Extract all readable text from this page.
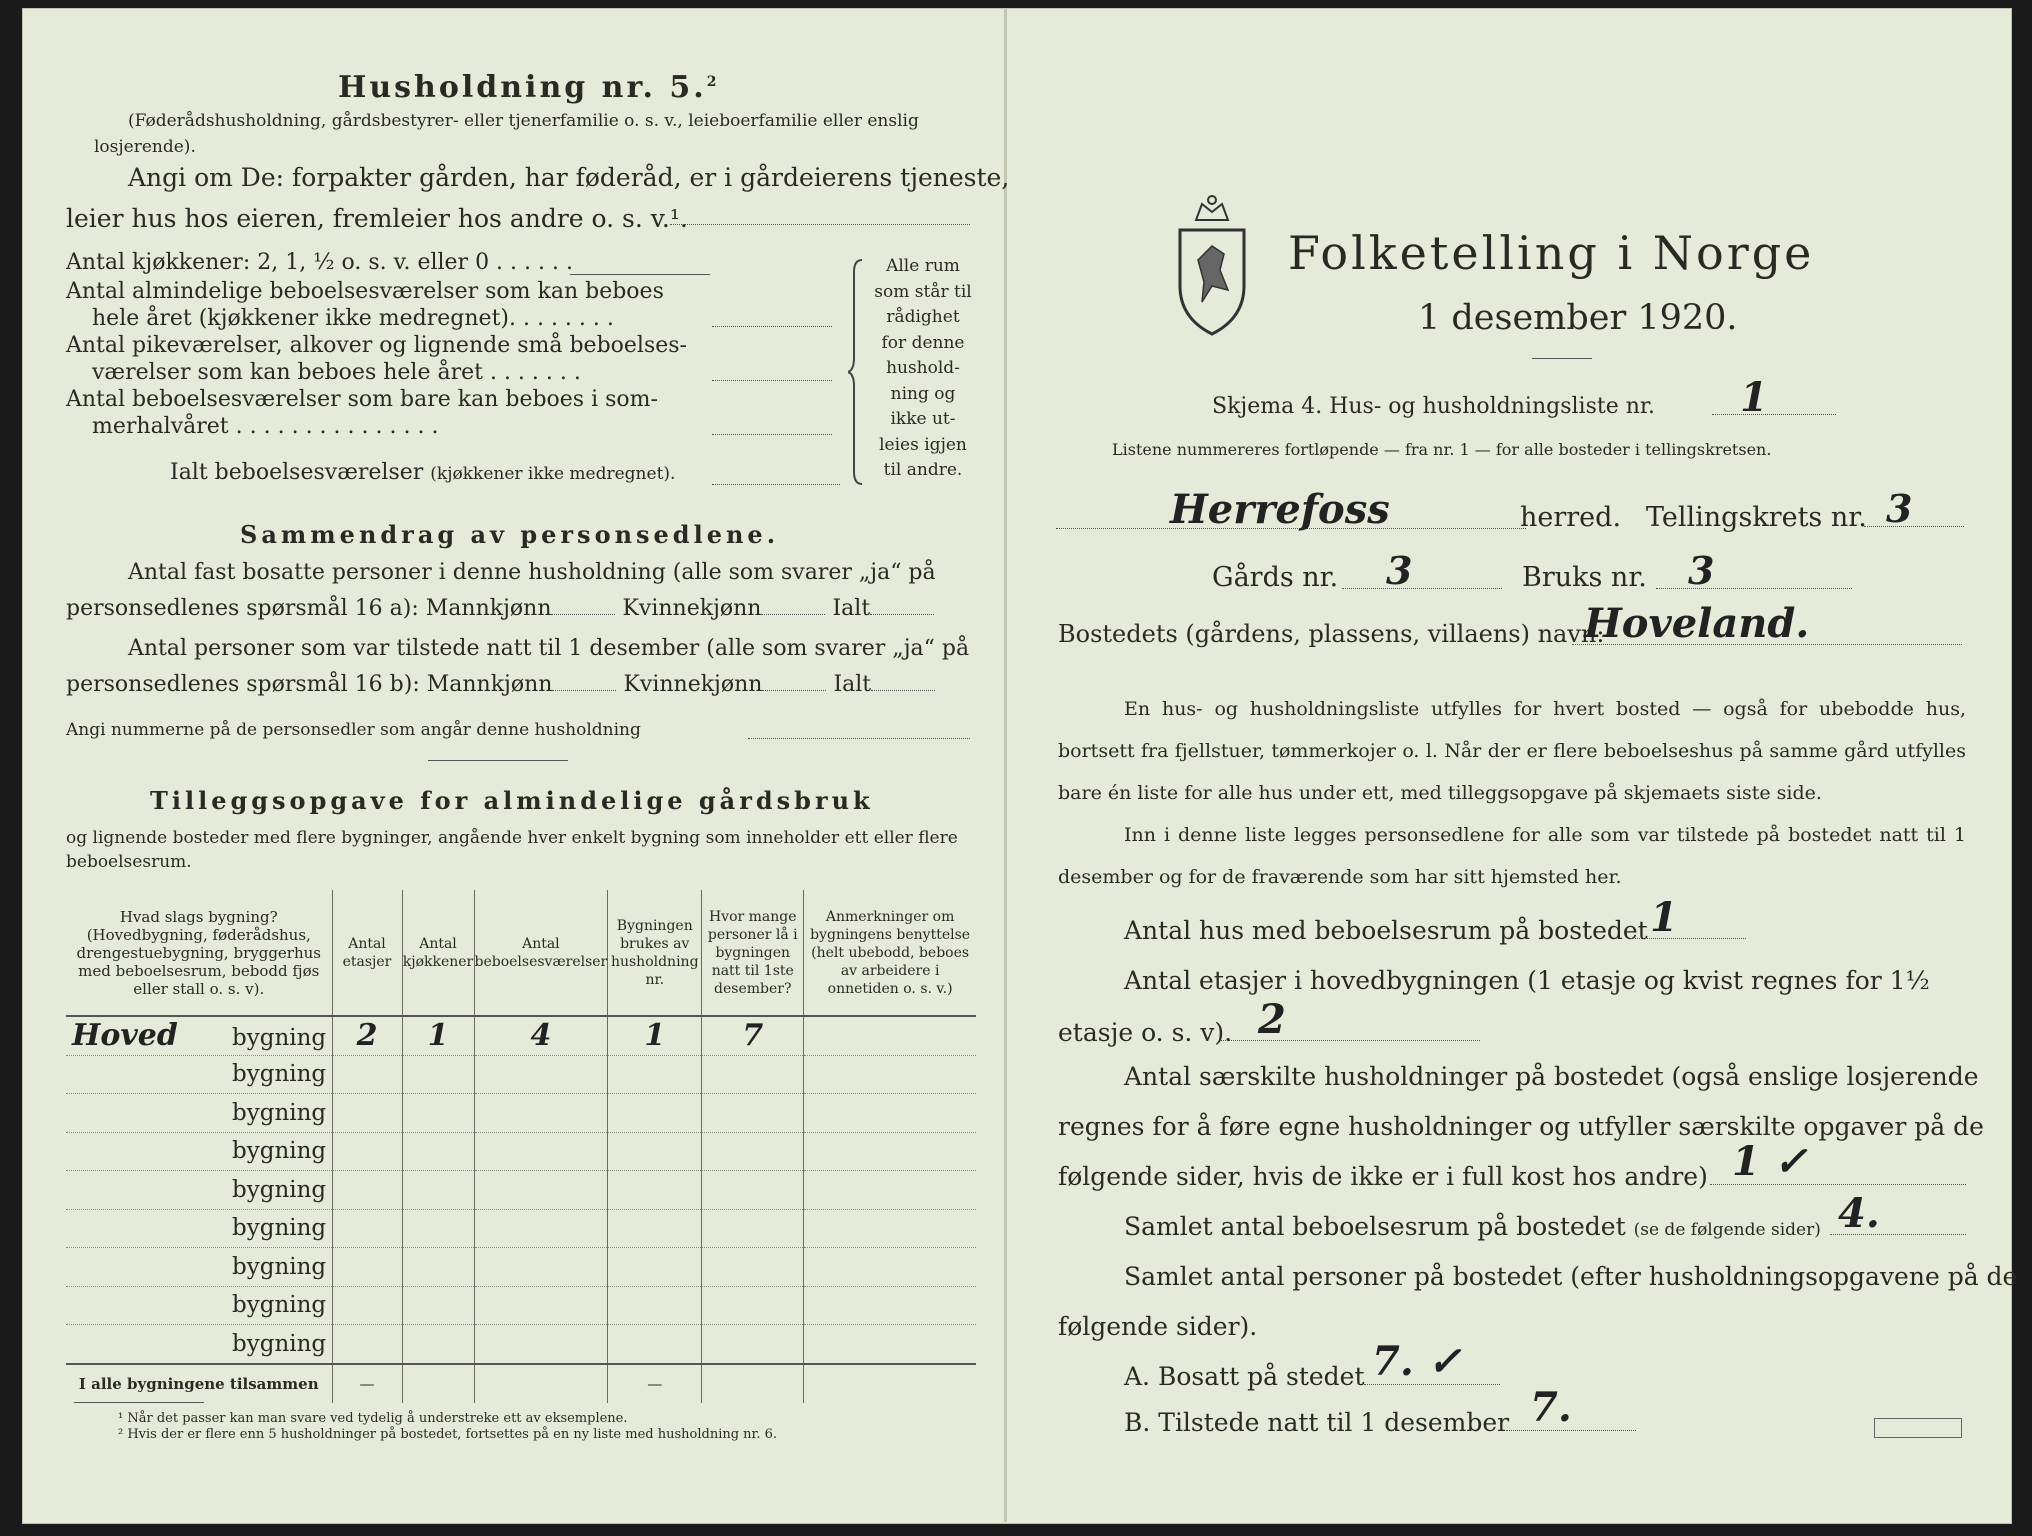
Husholdning nr. 5.$^2$
(Føderådshusholdning, gårdsbestyrer- eller tjenerfamilie o. s. v., leieboerfamilie eller enslig losjerende).
Angi om De: forpakter gården, har føderåd, er i gårdeierens tjeneste,
leier hus hos eieren, fremleier hos andre o. s. v.¹.
Antal kjøkkener: 2, 1, ½ o. s. v. eller 0 . . . . . .
Antal almindelige beboelsesværelser som kan beboes
hele året (kjøkkener ikke medregnet). . . . . . . .
Antal pikeværelser, alkover og lignende små beboelses-
værelser som kan beboes hele året . . . . . . .
Antal beboelsesværelser som bare kan beboes i som-
merhalvåret . . . . . . . . . . . . . . .
Ialt beboelsesværelser (kjøkkener ikke medregnet).
Alle rum
som står til
rådighet
for denne
hushold-
ning og
ikke ut-
leies igjen
til andre.
Sammendrag av personsedlene.
Antal fast bosatte personer i denne husholdning (alle som svarer „ja“ på
personsedlenes spørsmål 16 a): Mannkjønn	Kvinnekjønn	Ialt
Antal personer som var tilstede natt til 1 desember (alle som svarer „ja“ på
personsedlenes spørsmål 16 b): Mannkjønn	Kvinnekjønn	Ialt
Angi nummerne på de personsedler som angår denne husholdning
Tilleggsopgave for almindelige gårdsbruk
og lignende bosteder med flere bygninger, angående hver enkelt bygning som inneholder ett eller flere beboelsesrum.
Hvad slags bygning? (Hovedbygning, føderådshus, drengestuebygning, bryggerhus med beboelsesrum, bebodd fjøs eller stall o. s. v).	Antal etasjer	Antal kjøkkener	Antal beboelsesværelser	Bygningen brukes av husholdning nr.	Hvor mange personer lå i bygningen natt til 1ste desember?	Anmerkninger om bygningens benyttelse (helt ubebodd, beboes av arbeidere i onnetiden o. s. v.)
Hoved bygning	2	1	4	1	7	
bygning						
bygning						
bygning						
bygning						
bygning						
bygning						
bygning						
bygning						
I alle bygningene tilsammen	—			—		
¹ Når det passer kan man svare ved tydelig å understreke ett av eksemplene.
² Hvis der er flere enn 5 husholdninger på bostedet, fortsettes på en ny liste med husholdning nr. 6.
Folketelling i Norge
1 desember 1920.
Skjema 4. Hus- og husholdningsliste nr. 1
Listene nummereres fortløpende — fra nr. 1 — for alle bosteder i tellingskretsen.
Herrefoss	herred. Tellingskrets nr. 3
Gårds nr. 3	Bruks nr. 3
Bostedets (gårdens, plassens, villaens) navn:
Hoveland.
En hus- og husholdningsliste utfylles for hvert bosted — også for ubebodde hus, bortsett fra fjellstuer, tømmerkojer o. l. Når der er flere beboelseshus på samme gård utfylles bare én liste for alle hus under ett, med tilleggsopgave på skjemaets siste side.
Inn i denne liste legges personsedlene for alle som var tilstede på bostedet natt til 1 desember og for de fraværende som har sitt hjemsted her.
Antal hus med beboelsesrum på bostedet 1
Antal etasjer i hovedbygningen (1 etasje og kvist regnes for 1½
etasje o. s. v). 2
Antal særskilte husholdninger på bostedet (også enslige losjerende
regnes for å føre egne husholdninger og utfyller særskilte opgaver på de
følgende sider, hvis de ikke er i full kost hos andre) 1 ✓
Samlet antal beboelsesrum på bostedet (se de følgende sider) 4.
Samlet antal personer på bostedet (efter husholdningsopgavene på de
følgende sider).
A. Bosatt på stedet 7. ✓
B. Tilstede natt til 1 desember 7.
